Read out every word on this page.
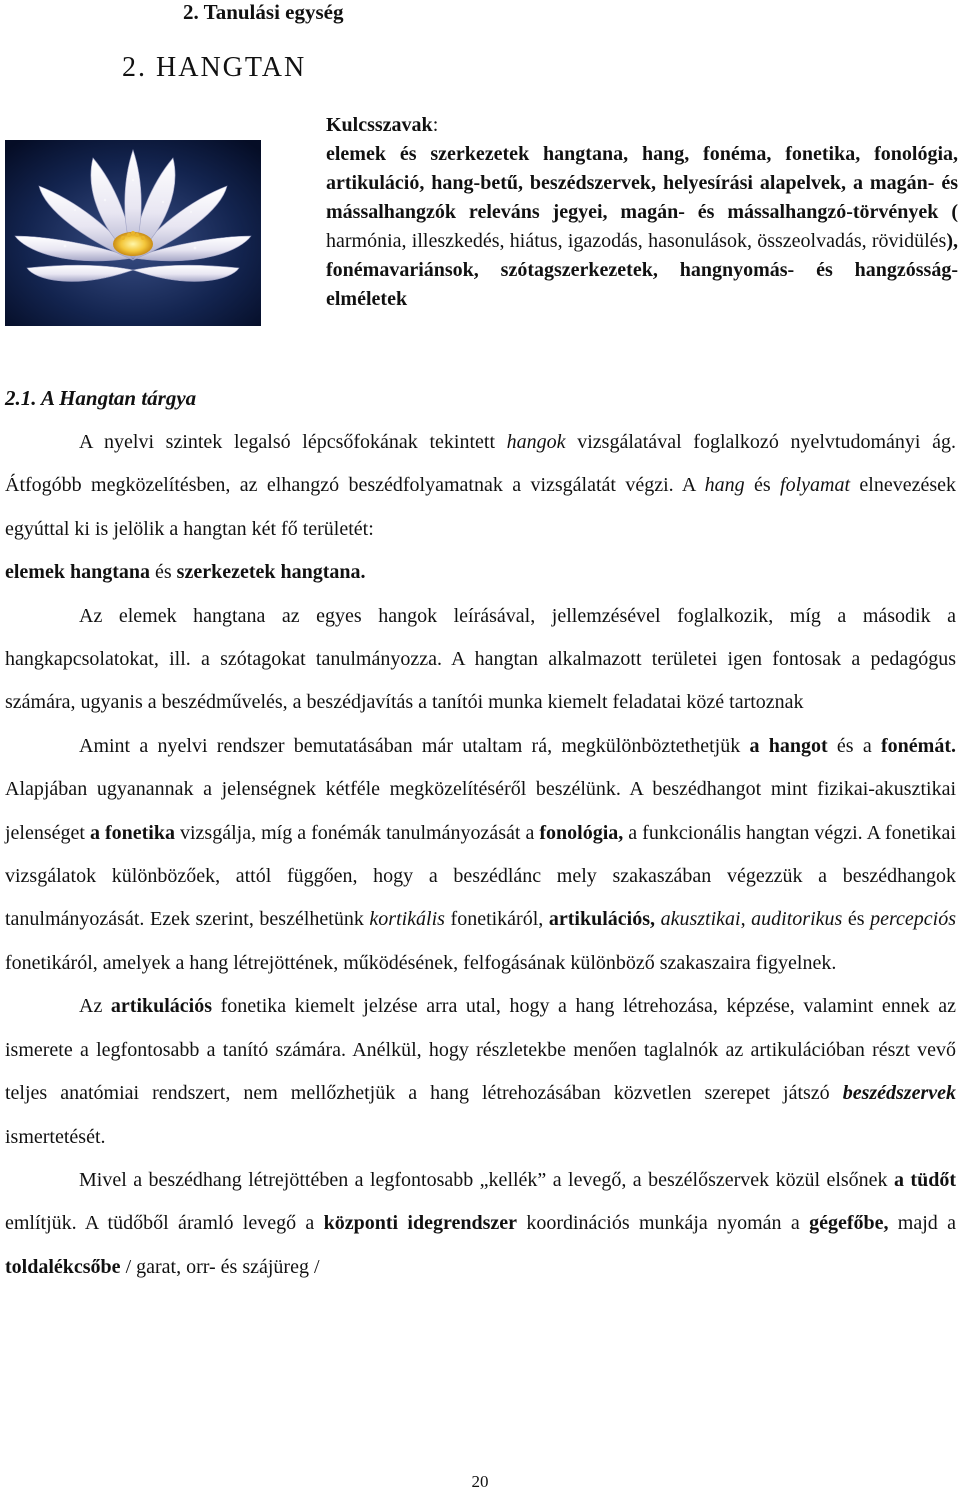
2. Tanulási egység
2. HANGTAN
Kulcsszavak:
elemek és szerkezetek hangtana, hang, fonéma, fonetika, fonológia, artikuláció, hang-betű, beszédszervek, helyesírási alapelvek, a magán- és mássalhangzók releváns jegyei, magán- és mássalhangzó-törvények ( harmónia, illeszkedés, hiátus, igazodás, hasonulások, összeolvadás, rövidülés), fonémavariánsok, szótagszerkezetek, hangnyomás- és hangzósság-elméletek
2.1. A Hangtan tárgya

A nyelvi szintek legalsó lépcsőfokának tekintett hangok vizsgálatával foglalkozó nyelvtudományi ág. Átfogóbb megközelítésben, az elhangzó beszédfolyamatnak a vizsgálatát végzi. A hang és folyamat elnevezések egyúttal ki is jelölik a hangtan két fő területét:

elemek hangtana és szerkezetek hangtana.

Az elemek hangtana az egyes hangok leírásával, jellemzésével foglalkozik, míg a második a hangkapcsolatokat, ill. a szótagokat tanulmányozza. A hangtan alkalmazott területei igen fontosak a pedagógus számára, ugyanis a beszédművelés, a beszédjavítás a tanítói munka kiemelt feladatai közé tartoznak

Amint a nyelvi rendszer bemutatásában már utaltam rá, megkülönböztethetjük a hangot és a fonémát. Alapjában ugyanannak a jelenségnek kétféle megközelítéséről beszélünk. A beszédhangot mint fizikai-akusztikai jelenséget a fonetika vizsgálja, míg a fonémák tanulmányozását a fonológia, a funkcionális hangtan végzi. A fonetikai vizsgálatok különbözőek, attól függően, hogy a beszédlánc mely szakaszában végezzük a beszédhangok tanulmányozását. Ezek szerint, beszélhetünk kortikális fonetikáról, artikulációs, akusztikai, auditorikus és percepciós fonetikáról, amelyek a hang létrejöttének, működésének, felfogásának különböző szakaszaira figyelnek.

Az artikulációs fonetika kiemelt jelzése arra utal, hogy a hang létrehozása, képzése, valamint ennek az ismerete a legfontosabb a tanító számára. Anélkül, hogy részletekbe menően taglalnók az artikulációban részt vevő teljes anatómiai rendszert, nem mellőzhetjük a hang létrehozásában közvetlen szerepet játszó beszédszervek ismertetését.

Mivel a beszédhang létrejöttében a legfontosabb „kellék” a levegő, a beszélőszervek közül elsőnek a tüdőt említjük. A tüdőből áramló levegő a központi idegrendszer koordinációs munkája nyomán a gégefőbe, majd a toldalékcsőbe / garat, orr- és szájüreg /

20
